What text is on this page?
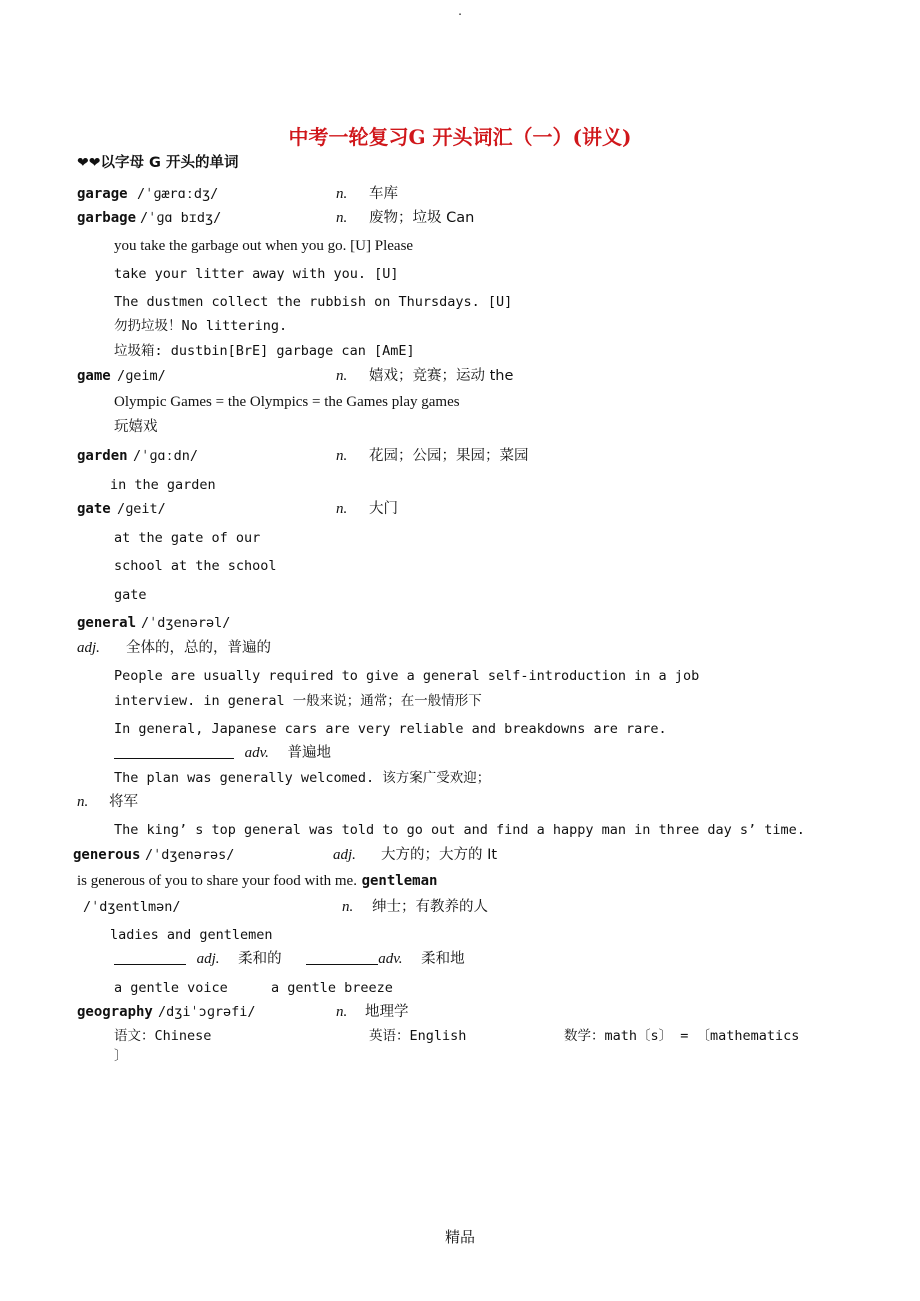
.
中考一轮复习G 开头词汇（一）(讲义)
❤❤以字母 G 开头的单词
garage /ˈɡærɑːdʒ/	n. 车库
garbage /ˈɡɑ bɪdʒ/	n. 废物；垃圾 Can
you take the garbage out when you go. [U] Please
take your litter away with you. [U]
The dustmen collect the rubbish on Thursdays. [U]
勿扔垃圾！No littering.
垃圾箱: dustbin[BrE] garbage can [AmE]
game /ɡeim/	n. 嬉戏；竞赛；运动 the
Olympic Games = the Olympics = the Games play games
玩嬉戏
garden /ˈɡɑːdn/	n. 花园；公园；果园；菜园
in the garden
gate /ɡeit/	n. 大门
at the gate of our
school at the school
gate
general /ˈdʒenərəl/
adj. 全体的，总的，普遍的
People are usually required to give a general self-introduction in a job
interview. in general 一般来说；通常；在一般情形下
In general, Japanese cars are very reliable and breakdowns are rare.
adv. 普遍地
The plan was generally welcomed. 该方案广受欢迎；
n. 将军
The king’ s top general was told to go out and find a happy man in three day s’ time.
generous /ˈdʒenərəs/	adj. 大方的；大方的 It
is generous of you to share your food with me. gentleman
/ˈdʒentlmən/	n. 绅士；有教养的人
ladies and gentlemen
adj. 柔和的	adv. 柔和地
a gentle voice	a gentle breeze
geography /dʒiˈɔɡrəfi/	n. 地理学
语文：Chinese	英语：English	数学：math〔s〕 = 〔mathematics
〕
精品
